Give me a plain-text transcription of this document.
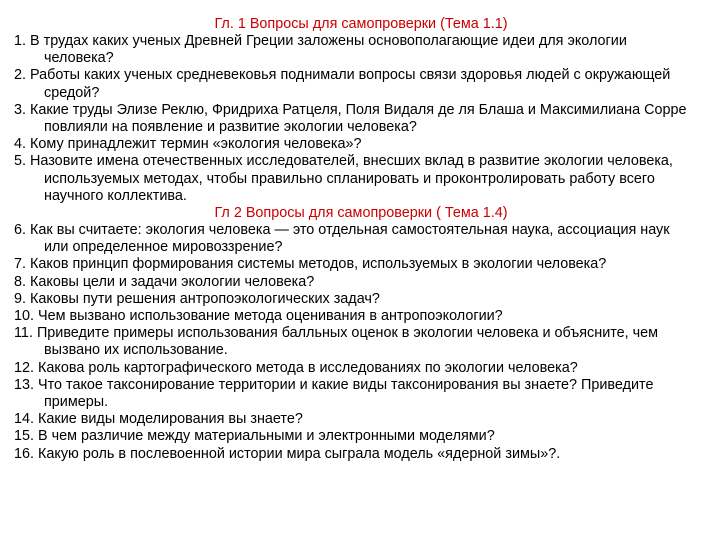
Гл. 1 Вопросы для самопроверки (Тема 1.1)
1. В трудах каких ученых Древней Греции заложены основополагающие идеи для экологии человека?
2. Работы каких ученых средневековья поднимали вопросы связи здоровья людей с окружающей средой?
3. Какие труды Элизе Реклю, Фридриха Ратцеля, Поля Видаля де ля Блаша и Максимилиана Сорре повлияли на появление и развитие экологии человека?
4. Кому принадлежит термин «экология человека»?
5. Назовите имена отечественных исследователей, внесших вклад в развитие экологии человека, используемых методах, чтобы правильно спланировать и проконтролировать работу всего научного коллектива.
Гл 2 Вопросы для самопроверки ( Тема 1.4)
6. Как вы считаете: экология человека — это отдельная самостоятельная наука, ассоциация наук или определенное мировоззрение?
7. Каков принцип формирования системы методов, используемых в экологии человека?
8. Каковы цели и задачи экологии человека?
9. Каковы пути решения антропоэкологических задач?
10. Чем вызвано использование метода оценивания в антропоэкологии?
11. Приведите примеры использования балльных оценок в экологии человека и объясните, чем вызвано их использование.
12. Какова роль картографического метода в исследованиях по экологии человека?
13. Что такое таксонирование территории и какие виды таксонирования вы знаете? Приведите примеры.
14. Какие виды моделирования вы знаете?
15. В чем различие между материальными и электронными моделями?
16. Какую роль в послевоенной истории мира сыграла модель «ядерной зимы»?.
